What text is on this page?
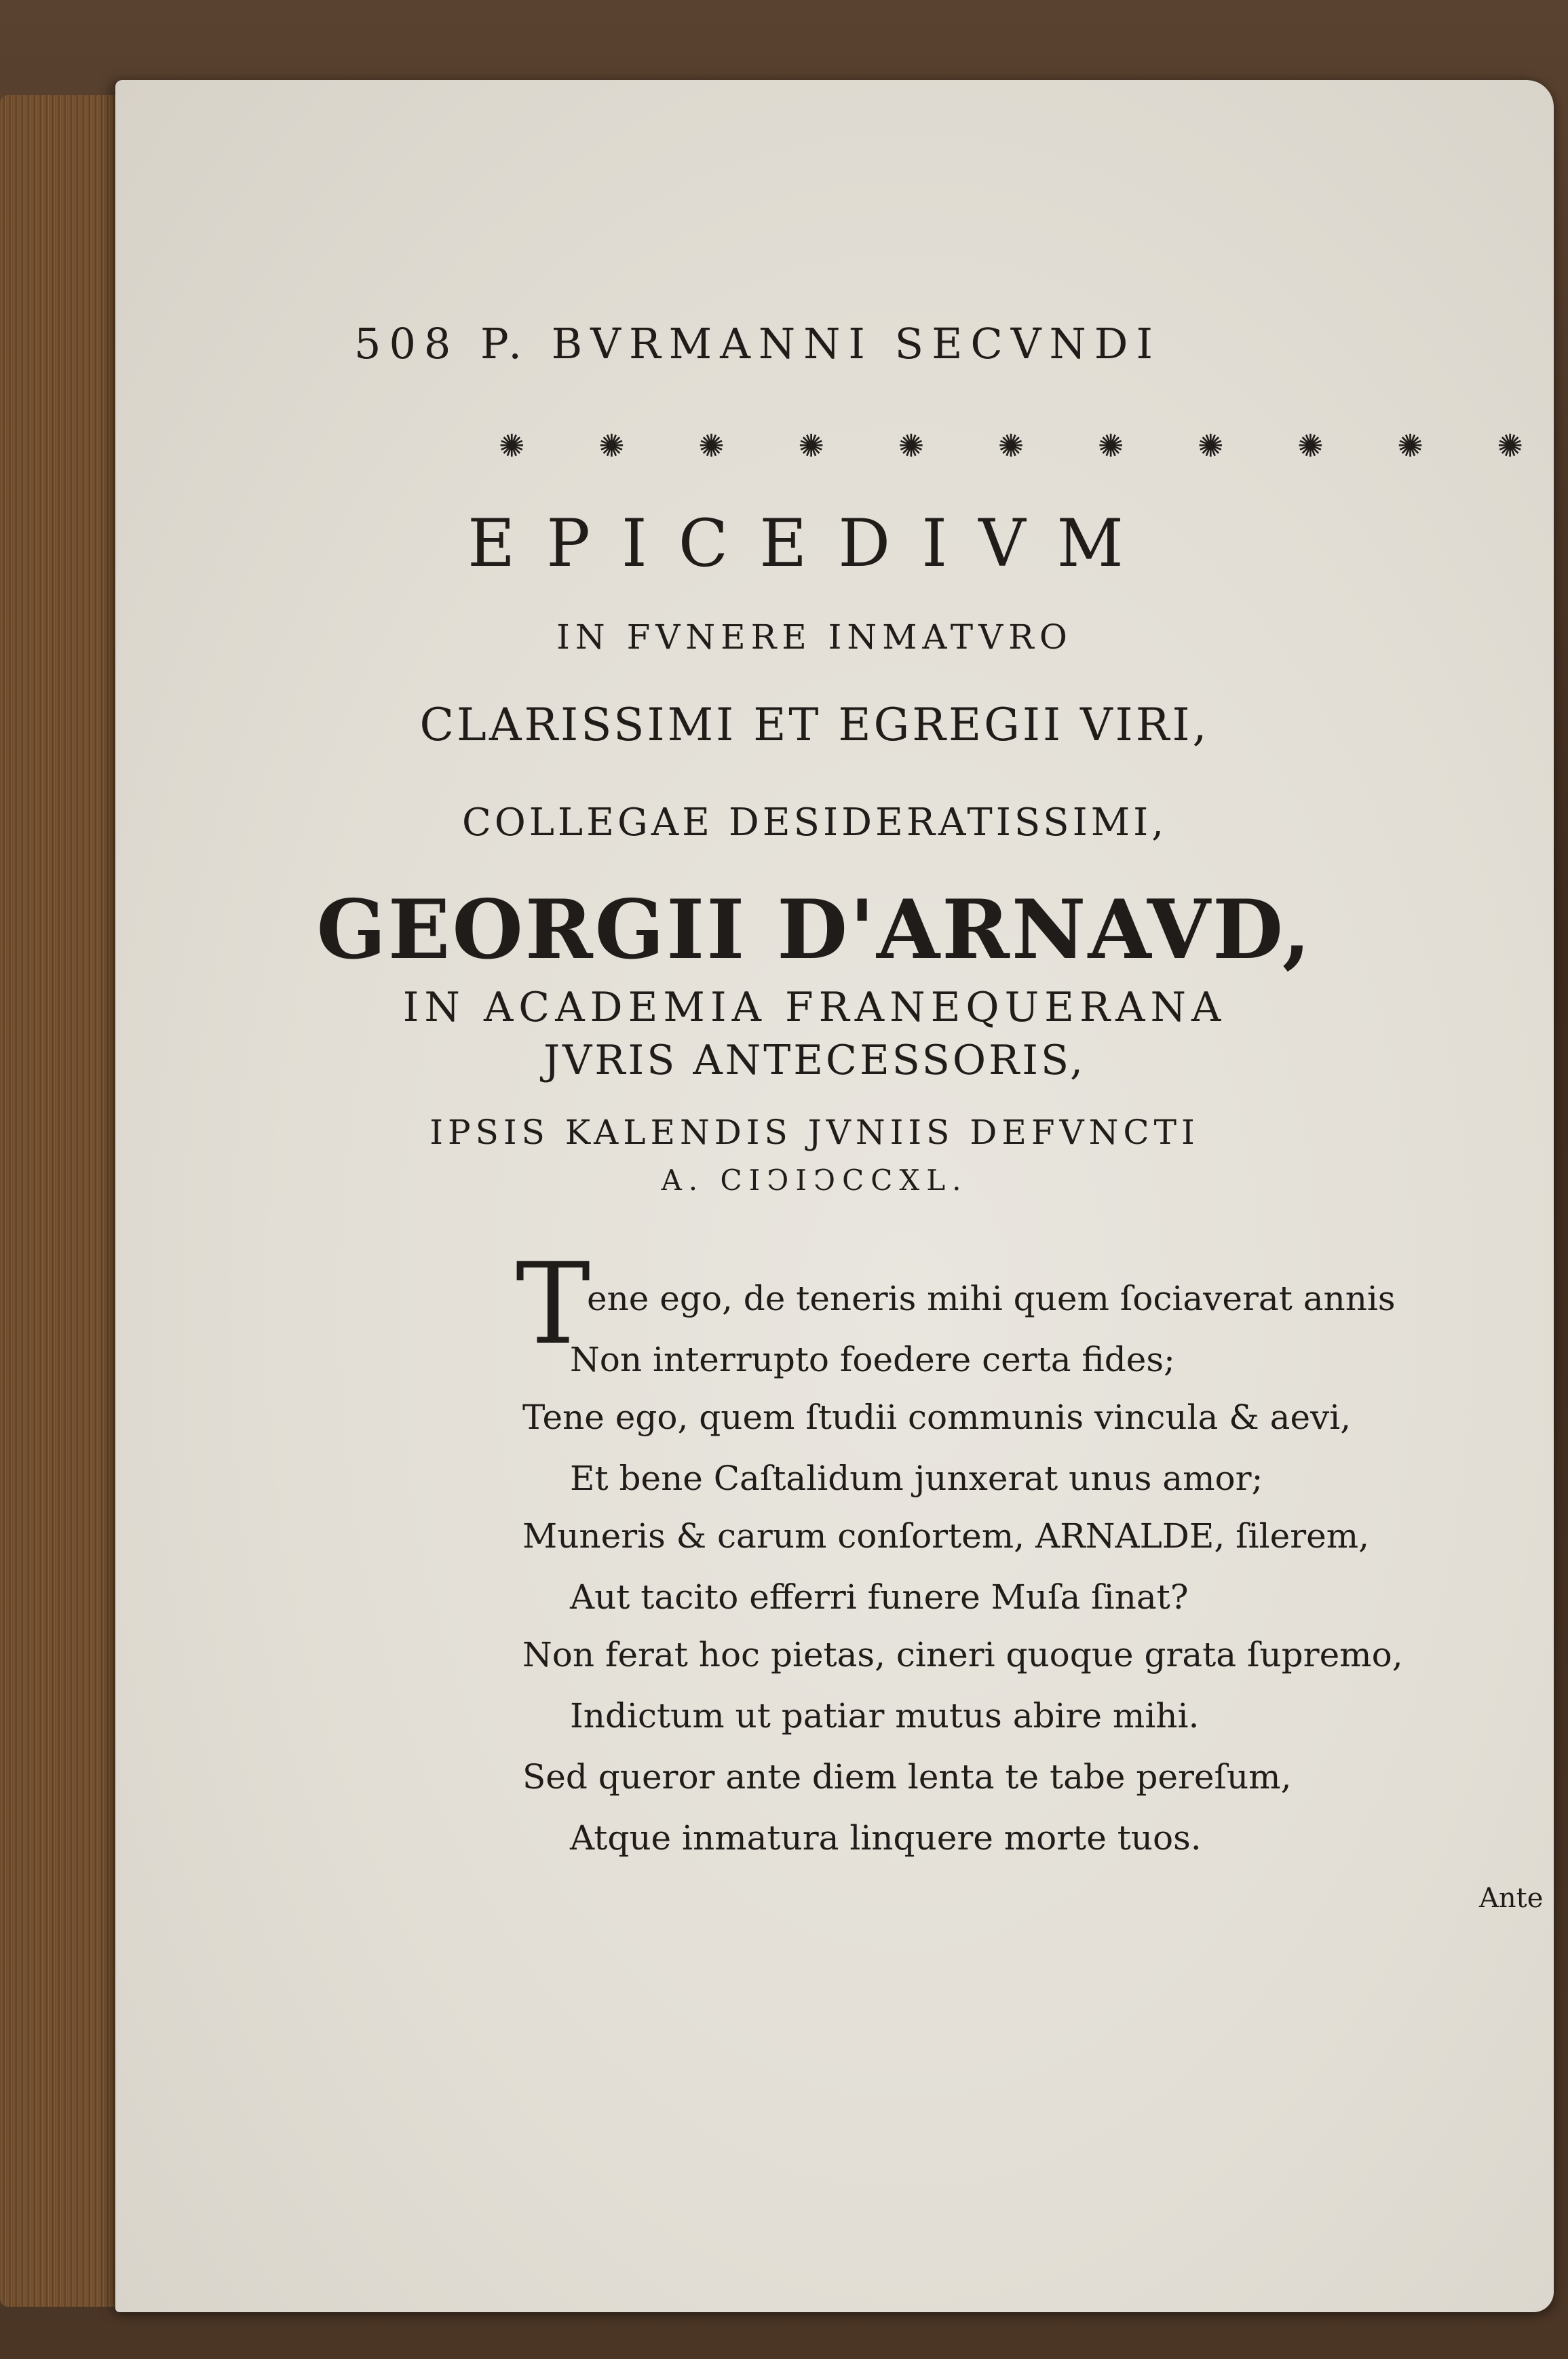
508 P. BVRMANNI SECVNDI
✺ ✺ ✺ ✺ ✺ ✺ ✺ ✺ ✺ ✺ ✺
EPICEDIVM
IN FVNERE INMATVRO
CLARISSIMI ET EGREGII VIRI,
COLLEGAE DESIDERATISSIMI,
GEORGII D'ARNAVD,
IN ACADEMIA FRANEQUERANA
JVRIS ANTECESSORIS,
IPSIS KALENDIS JVNIIS DEFVNCTI
A. CIↃIↃCCXL.
T
ene ego, de teneris mihi quem ſociaverat annis
Non interrupto foedere certa fides;
Tene ego, quem ſtudii communis vincula & aevi,
Et bene Caſtalidum junxerat unus amor;
Muneris & carum conſortem, ARNALDE, ſilerem,
Aut tacito efferri funere Muſa ſinat?
Non ferat hoc pietas, cineri quoque grata ſupremo,
Indictum ut patiar mutus abire mihi.
Sed queror ante diem lenta te tabe pereſum,
Atque inmatura linquere morte tuos.
Ante
